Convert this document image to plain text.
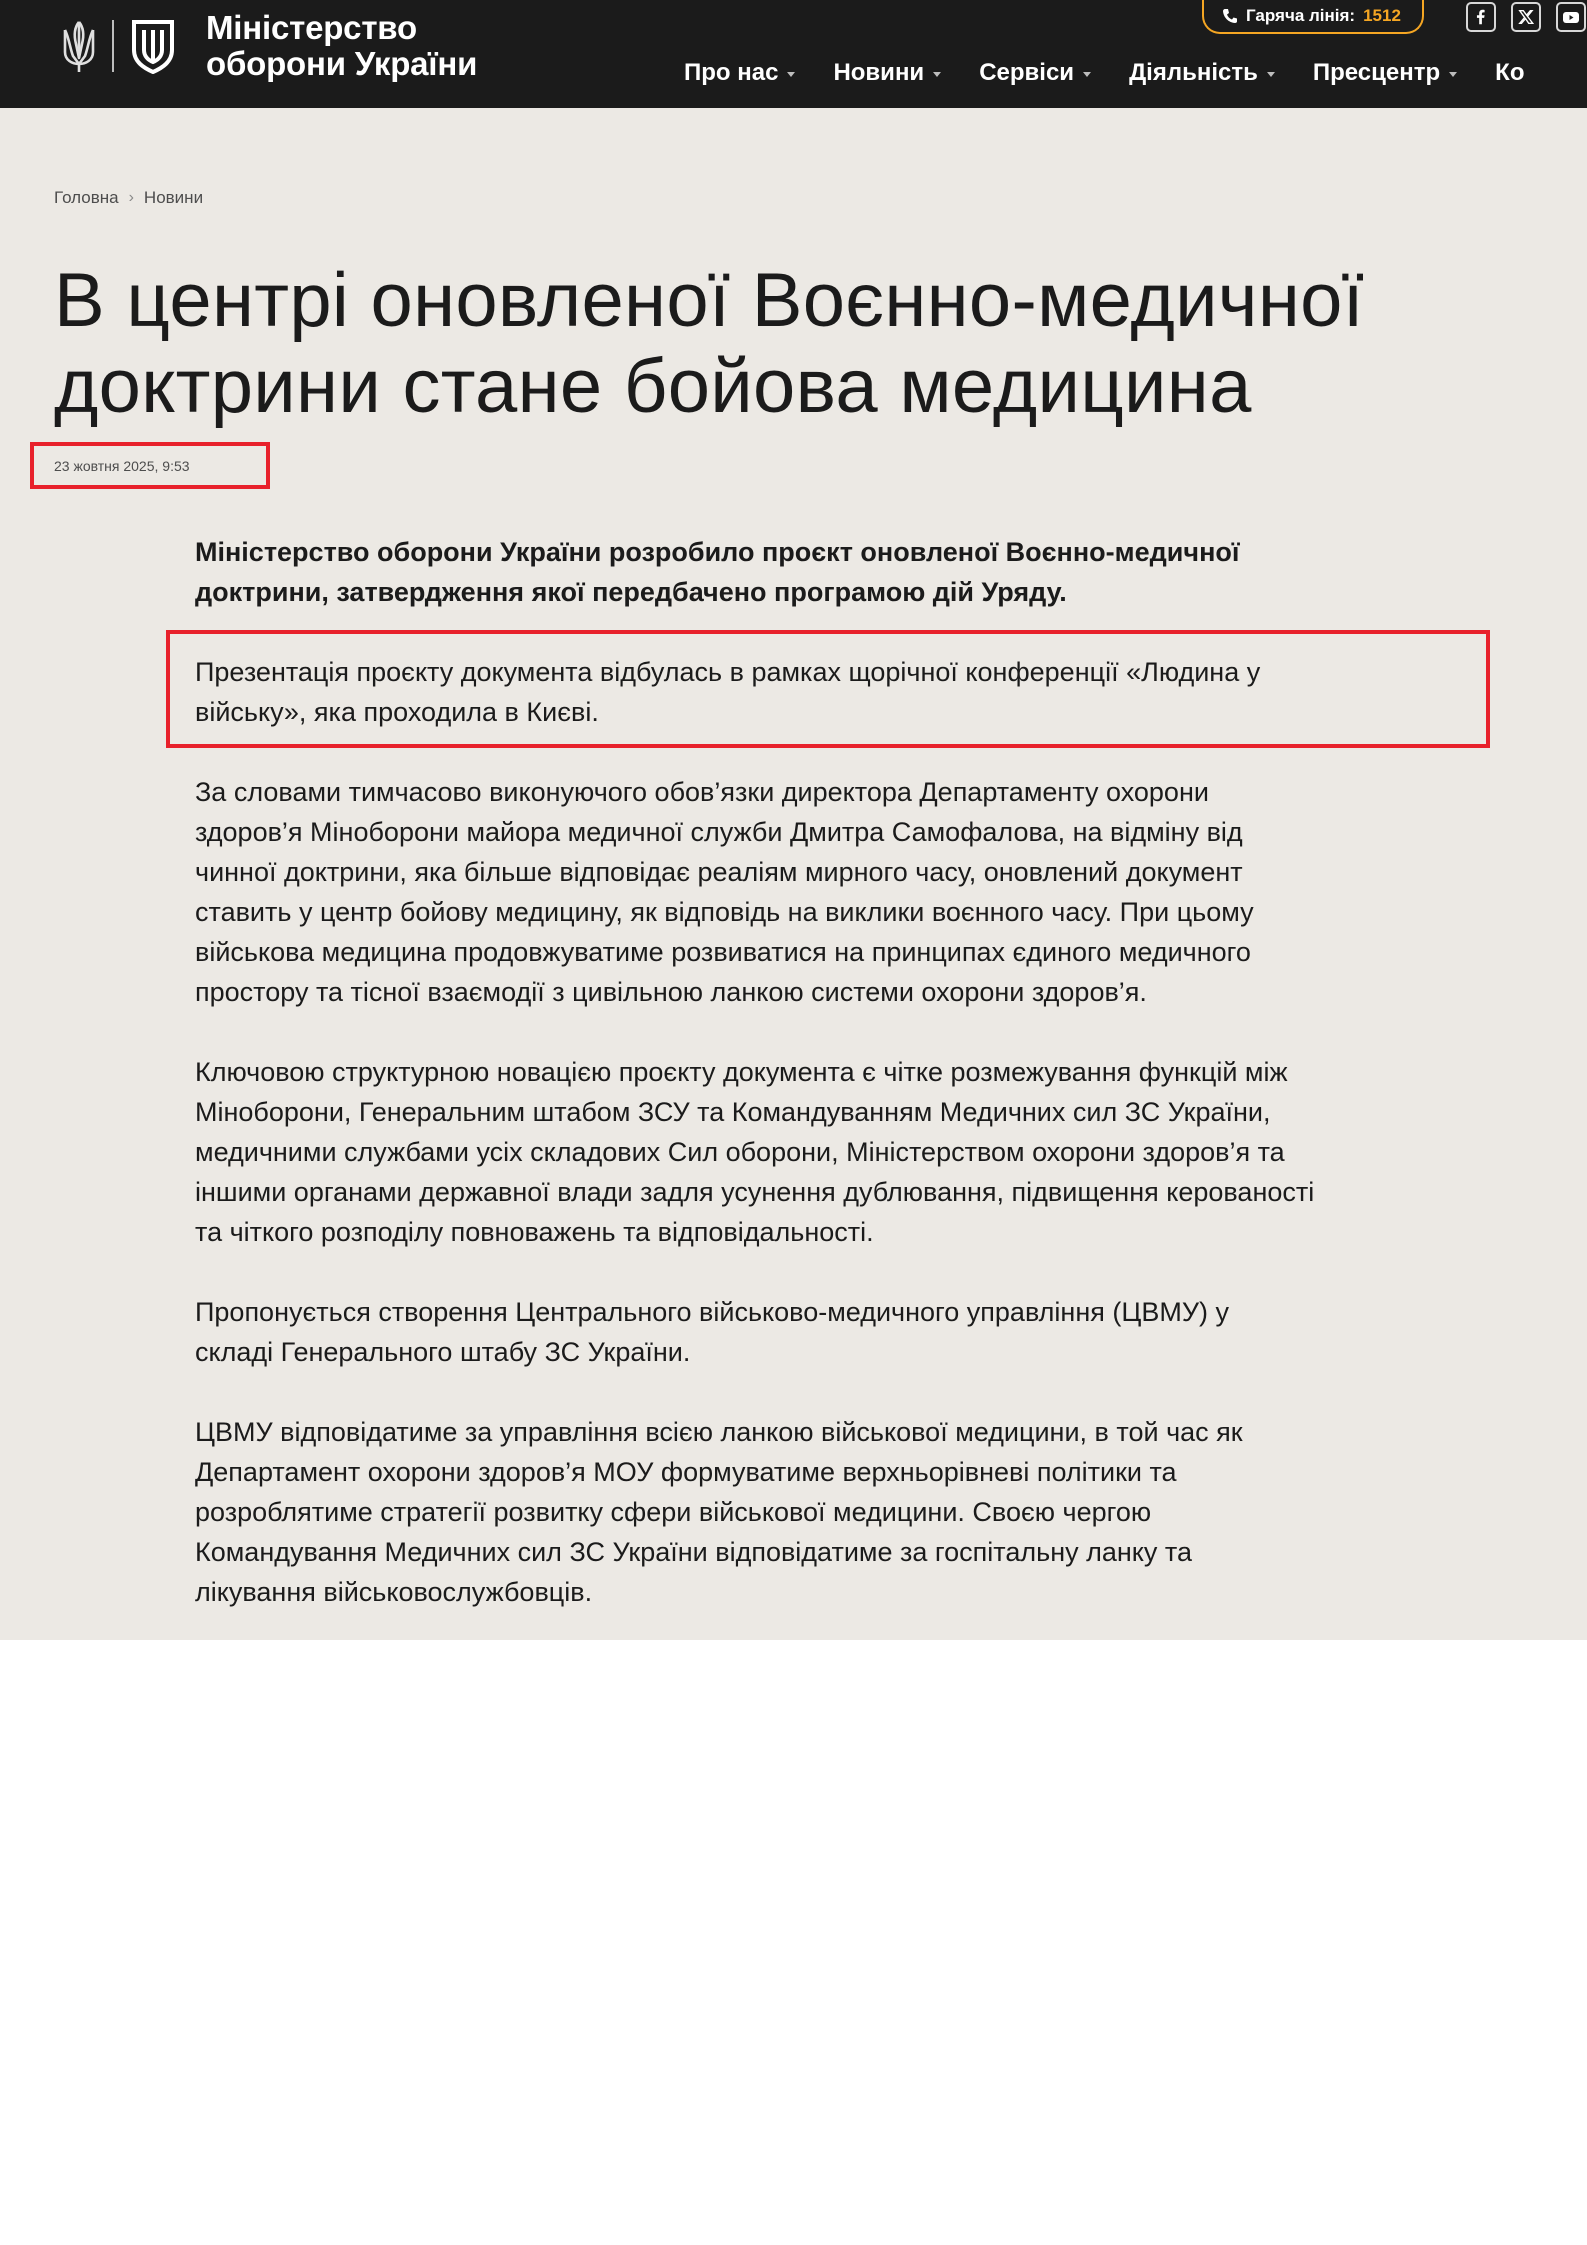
Міністерство
оборони України
Гаряча лінія: 1512
Про нас Новини Сервіси Діяльність Пресцентр Ко
Головна › Новини
В центрі оновленої Воєнно-медичної
доктрини стане бойова медицина
23 жовтня 2025, 9:53

Міністерство оборони України розробило проєкт оновленої Воєнно-медичної
доктрини, затвердження якої передбачено програмою дій Уряду.

Презентація проєкту документа відбулась в рамках щорічної конференції «Людина у
війську», яка проходила в Києві.

За словами тимчасово виконуючого обов’язки директора Департаменту охорони
здоров’я Міноборони майора медичної служби Дмитра Самофалова, на відміну від
чинної доктрини, яка більше відповідає реаліям мирного часу, оновлений документ
ставить у центр бойову медицину, як відповідь на виклики воєнного часу. При цьому
військова медицина продовжуватиме розвиватися на принципах єдиного медичного
простору та тісної взаємодії з цивільною ланкою системи охорони здоров’я.

Ключовою структурною новацією проєкту документа є чітке розмежування функцій між
Міноборони, Генеральним штабом ЗСУ та Командуванням Медичних сил ЗС України,
медичними службами усіх складових Сил оборони, Міністерством охорони здоров’я та
іншими органами державної влади задля усунення дублювання, підвищення керованості
та чіткого розподілу повноважень та відповідальності.

Пропонується створення Центрального військово-медичного управління (ЦВМУ) у
складі Генерального штабу ЗС України.

ЦВМУ відповідатиме за управління всією ланкою військової медицини, в той час як
Департамент охорони здоров’я МОУ формуватиме верхньорівневі політики та
розроблятиме стратегії розвитку сфери військової медицини. Своєю чергою
Командування Медичних сил ЗС України відповідатиме за госпітальну ланку та
лікування військовослужбовців.
